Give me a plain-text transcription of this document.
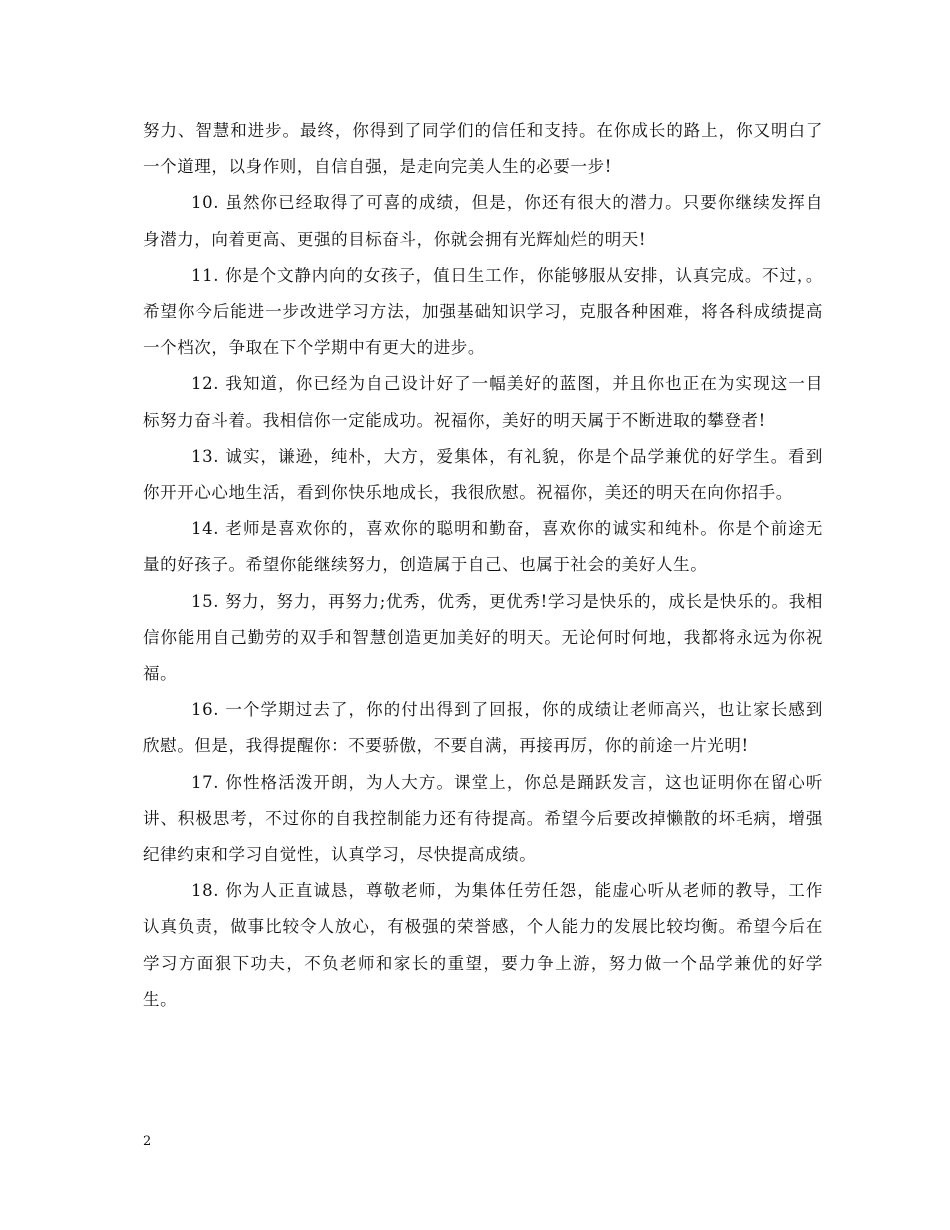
努力、智慧和进步。最终，你得到了同学们的信任和支持。在你成长的路上，你又明白了一个道理，以身作则，自信自强，是走向完美人生的必要一步!

10. 虽然你已经取得了可喜的成绩，但是，你还有很大的潜力。只要你继续发挥自身潜力，向着更高、更强的目标奋斗，你就会拥有光辉灿烂的明天!

11. 你是个文静内向的女孩子，值日生工作，你能够服从安排，认真完成。不过，。希望你今后能进一步改进学习方法，加强基础知识学习，克服各种困难，将各科成绩提高一个档次，争取在下个学期中有更大的进步。

12. 我知道，你已经为自己设计好了一幅美好的蓝图，并且你也正在为实现这一目标努力奋斗着。我相信你一定能成功。祝福你，美好的明天属于不断进取的攀登者!

13. 诚实，谦逊，纯朴，大方，爱集体，有礼貌，你是个品学兼优的好学生。看到你开开心心地生活，看到你快乐地成长，我很欣慰。祝福你，美还的明天在向你招手。

14. 老师是喜欢你的，喜欢你的聪明和勤奋，喜欢你的诚实和纯朴。你是个前途无量的好孩子。希望你能继续努力，创造属于自己、也属于社会的美好人生。

15. 努力，努力，再努力;优秀，优秀，更优秀!学习是快乐的，成长是快乐的。我相信你能用自己勤劳的双手和智慧创造更加美好的明天。无论何时何地，我都将永远为你祝福。

16. 一个学期过去了，你的付出得到了回报，你的成绩让老师高兴，也让家长感到欣慰。但是，我得提醒你：不要骄傲，不要自满，再接再厉，你的前途一片光明!

17. 你性格活泼开朗，为人大方。课堂上，你总是踊跃发言，这也证明你在留心听讲、积极思考，不过你的自我控制能力还有待提高。希望今后要改掉懒散的坏毛病，增强纪律约束和学习自觉性，认真学习，尽快提高成绩。

18. 你为人正直诚恳，尊敬老师，为集体任劳任怨，能虚心听从老师的教导，工作认真负责，做事比较令人放心，有极强的荣誉感，个人能力的发展比较均衡。希望今后在学习方面狠下功夫，不负老师和家长的重望，要力争上游，努力做一个品学兼优的好学生。

2
